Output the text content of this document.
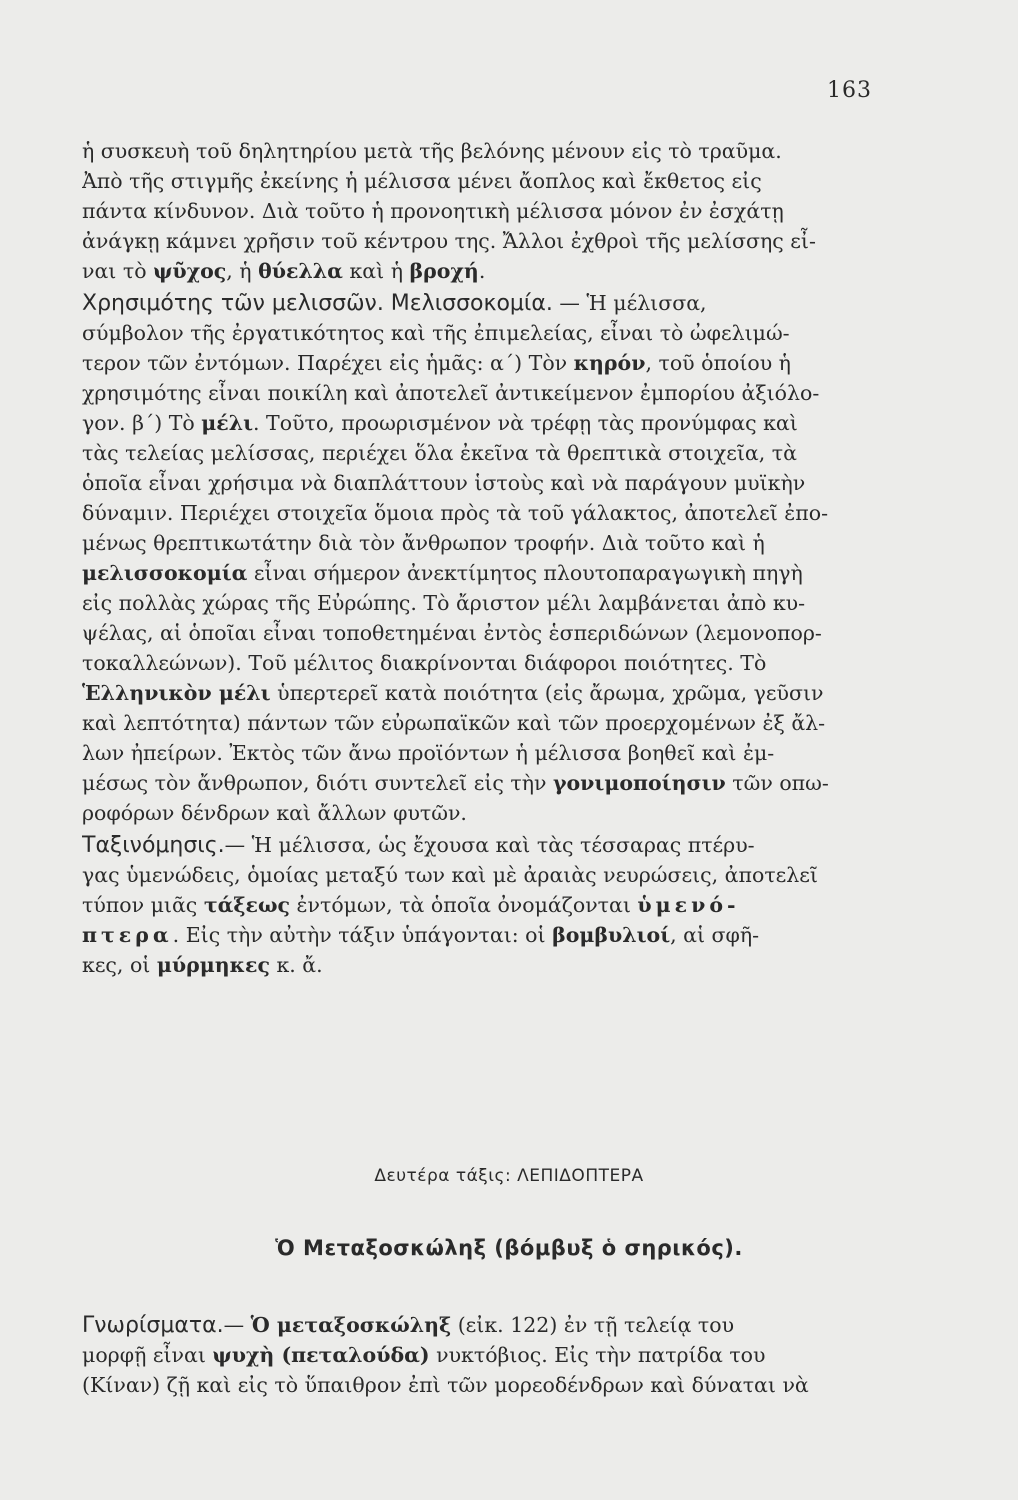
163
ἡ συσκευὴ τοῦ δηλητηρίου μετὰ τῆς βελόνης μένουν εἰς τὸ τραῦμα.
Ἀπὸ τῆς στιγμῆς ἐκείνης ἡ μέλισσα μένει ἄοπλος καὶ ἔκθετος εἰς
πάντα κίνδυνον. Διὰ τοῦτο ἡ προνοητικὴ μέλισσα μόνον ἐν ἐσχάτῃ
ἀνάγκῃ κάμνει χρῆσιν τοῦ κέντρου της. Ἄλλοι ἐχθροὶ τῆς μελίσσης εἶ-
ναι τὸ ψῦχος, ἡ θύελλα καὶ ἡ βροχή.
Χρησιμότης τῶν μελισσῶν. Μελισσοκομία. — Ἡ μέλισσα,
σύμβολον τῆς ἐργατικότητος καὶ τῆς ἐπιμελείας, εἶναι τὸ ὠφελιμώ-
τερον τῶν ἐντόμων. Παρέχει εἰς ἡμᾶς: α΄) Τὸν κηρόν, τοῦ ὁποίου ἡ
χρησιμότης εἶναι ποικίλη καὶ ἀποτελεῖ ἀντικείμενον ἐμπορίου ἀξιόλο-
γον. β΄) Τὸ μέλι. Τοῦτο, προωρισμένον νὰ τρέφῃ τὰς προνύμφας καὶ
τὰς τελείας μελίσσας, περιέχει ὅλα ἐκεῖνα τὰ θρεπτικὰ στοιχεῖα, τὰ
ὁποῖα εἶναι χρήσιμα νὰ διαπλάττουν ἱστοὺς καὶ νὰ παράγουν μυϊκὴν
δύναμιν. Περιέχει στοιχεῖα ὅμοια πρὸς τὰ τοῦ γάλακτος, ἀποτελεῖ ἐπο-
μένως θρεπτικωτάτην διὰ τὸν ἄνθρωπον τροφήν. Διὰ τοῦτο καὶ ἡ
μελισσοκομία εἶναι σήμερον ἀνεκτίμητος πλουτοπαραγωγικὴ πηγὴ
εἰς πολλὰς χώρας τῆς Εὐρώπης. Τὸ ἄριστον μέλι λαμβάνεται ἀπὸ κυ-
ψέλας, αἱ ὁποῖαι εἶναι τοποθετημέναι ἐντὸς ἑσπεριδώνων (λεμονοπορ-
τοκαλλεώνων). Τοῦ μέλιτος διακρίνονται διάφοροι ποιότητες. Τὸ
Ἑλληνικὸν μέλι ὑπερτερεῖ κατὰ ποιότητα (εἰς ἄρωμα, χρῶμα, γεῦσιν
καὶ λεπτότητα) πάντων τῶν εὐρωπαϊκῶν καὶ τῶν προερχομένων ἐξ ἄλ-
λων ἠπείρων. Ἐκτὸς τῶν ἄνω προϊόντων ἡ μέλισσα βοηθεῖ καὶ ἐμ-
μέσως τὸν ἄνθρωπον, διότι συντελεῖ εἰς τὴν γονιμοποίησιν τῶν οπω-
ροφόρων δένδρων καὶ ἄλλων φυτῶν.
Ταξινόμησις.— Ἡ μέλισσα, ὡς ἔχουσα καὶ τὰς τέσσαρας πτέρυ-
γας ὑμενώδεις, ὁμοίας μεταξύ των καὶ μὲ ἀραιὰς νευρώσεις, ἀποτελεῖ
τύπον μιᾶς τάξεως ἐντόμων, τὰ ὁποῖα ὀνομάζονται ὑμενό-
πτερα. Εἰς τὴν αὐτὴν τάξιν ὑπάγονται: οἱ βομβυλιοί, αἱ σφῆ-
κες, οἱ μύρμηκες κ. ἄ.
Δευτέρα τάξις: ΛΕΠΙΔΟΠΤΕΡΑ
Ὁ Μεταξοσκώληξ (βόμβυξ ὁ σηρικός).
Γνωρίσματα.— Ὁ μεταξοσκώληξ (εἰκ. 122) ἐν τῇ τελείᾳ του
μορφῇ εἶναι ψυχὴ (πεταλούδα) νυκτόβιος. Εἰς τὴν πατρίδα του
(Κίναν) ζῇ καὶ εἰς τὸ ὕπαιθρον ἐπὶ τῶν μορεοδένδρων καὶ δύναται νὰ
